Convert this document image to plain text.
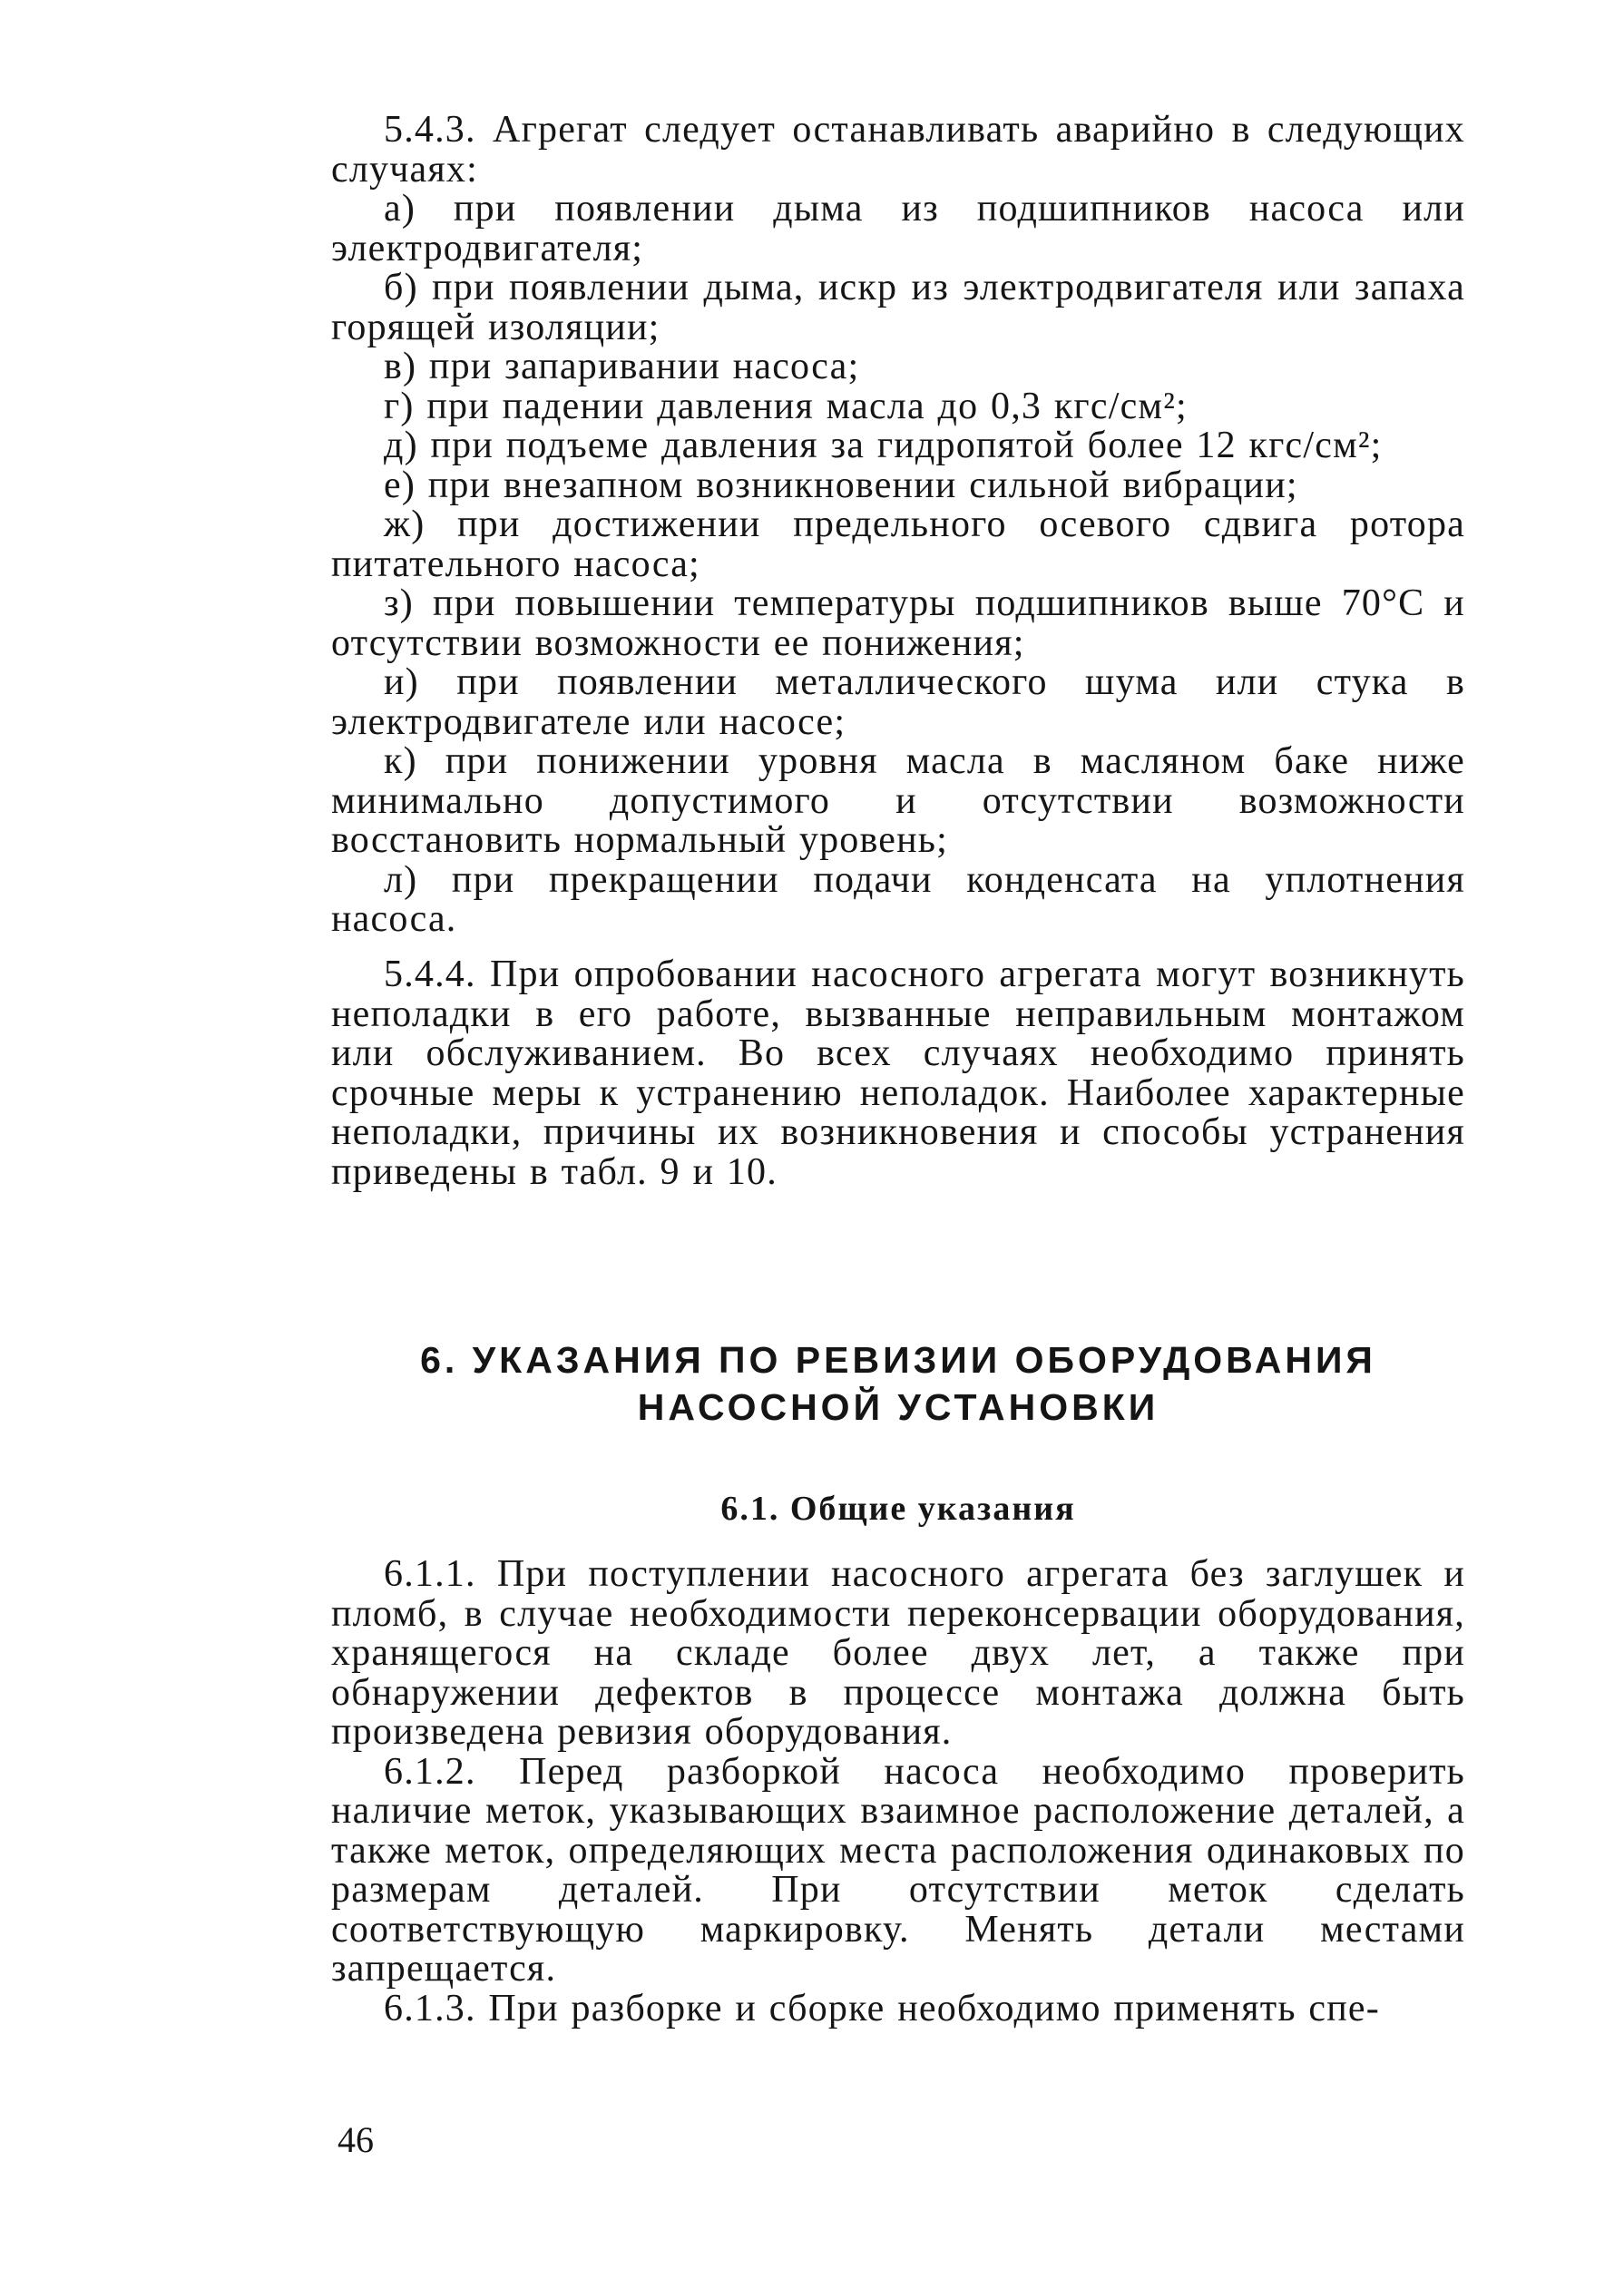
5.4.3. Агрегат следует останавливать аварийно в следующих случаях:

а) при появлении дыма из подшипников насоса или электродвигателя;

б) при появлении дыма, искр из электродвигателя или запаха горящей изоляции;

в) при запаривании насоса;

г) при падении давления масла до 0,3 кгс/см²;

д) при подъеме давления за гидропятой более 12 кгс/см²;

е) при внезапном возникновении сильной вибрации;

ж) при достижении предельного осевого сдвига ротора питательного насоса;

з) при повышении температуры подшипников выше 70°С и отсутствии возможности ее понижения;

и) при появлении металлического шума или стука в электродвигателе или насосе;

к) при понижении уровня масла в масляном баке ниже минимально допустимого и отсутствии возможности восстановить нормальный уровень;

л) при прекращении подачи конденсата на уплотнения насоса.

5.4.4. При опробовании насосного агрегата могут возникнуть неполадки в его работе, вызванные неправильным монтажом или обслуживанием. Во всех случаях необходимо принять срочные меры к устранению неполадок. Наиболее характерные неполадки, причины их возникновения и способы устранения приведены в табл. 9 и 10.

6. УКАЗАНИЯ ПО РЕВИЗИИ ОБОРУДОВАНИЯ
НАСОСНОЙ УСТАНОВКИ
6.1. Общие указания

6.1.1. При поступлении насосного агрегата без заглушек и пломб, в случае необходимости переконсервации оборудования, хранящегося на складе более двух лет, а также при обнаружении дефектов в процессе монтажа должна быть произведена ревизия оборудования.

6.1.2. Перед разборкой насоса необходимо проверить наличие меток, указывающих взаимное расположение деталей, а также меток, определяющих места расположения одинаковых по размерам деталей. При отсутствии меток сделать соответствующую маркировку. Менять детали местами запрещается.

6.1.3. При разборке и сборке необходимо применять спе-

46
